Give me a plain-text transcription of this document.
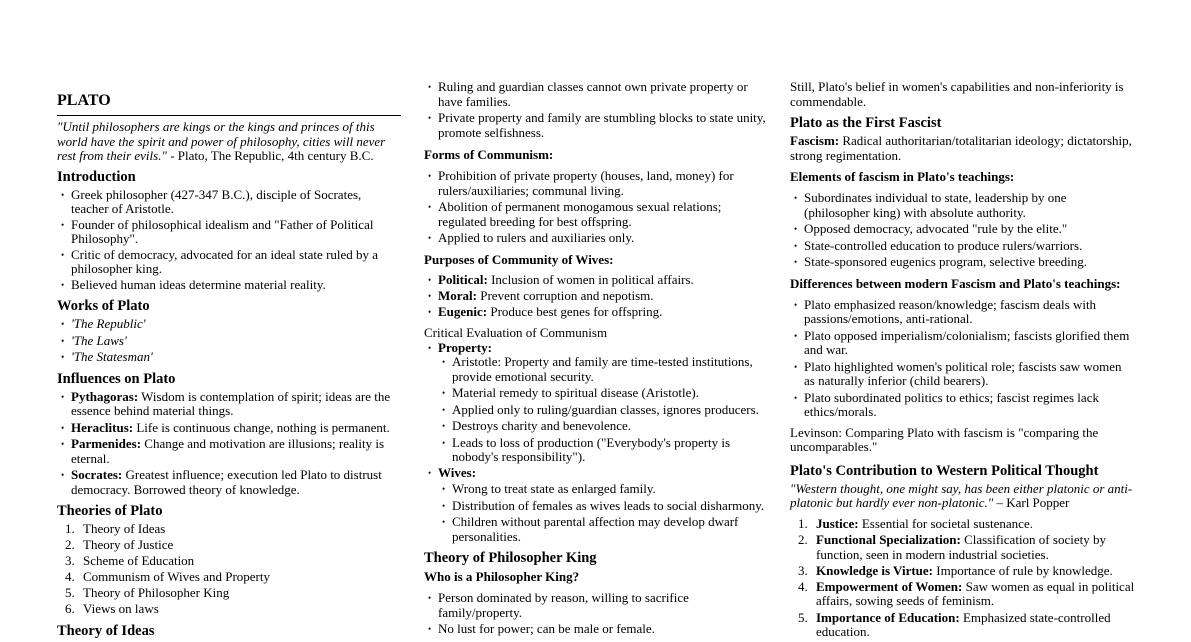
PLATO

"Until philosophers are kings or the kings and princes of this world have the spirit and power of philosophy, cities will never rest from their evils." - Plato, The Republic, 4th century B.C.

Introduction
• Greek philosopher (427-347 B.C.), disciple of Socrates, teacher of Aristotle.
• Founder of philosophical idealism and "Father of Political Philosophy".
• Critic of democracy, advocated for an ideal state ruled by a philosopher king.
• Believed human ideas determine material reality.
Works of Plato
• 'The Republic'
• 'The Laws'
• 'The Statesman'
Influences on Plato
• Pythagoras: Wisdom is contemplation of spirit; ideas are the essence behind material things.
• Heraclitus: Life is continuous change, nothing is permanent.
• Parmenides: Change and motivation are illusions; reality is eternal.
• Socrates: Greatest influence; execution led Plato to distrust democracy. Borrowed theory of knowledge.
Theories of Plato
1. Theory of Ideas
2. Theory of Justice
3. Scheme of Education
4. Communism of Wives and Property
5. Theory of Philosopher King
6. Views on laws
Theory of Ideas
• Ruling and guardian classes cannot own private property or have families.
• Private property and family are stumbling blocks to state unity, promote selfishness.
Forms of Communism:
• Prohibition of private property (houses, land, money) for rulers/auxiliaries; communal living.
• Abolition of permanent monogamous sexual relations; regulated breeding for best offspring.
• Applied to rulers and auxiliaries only.
Purposes of Community of Wives:
• Political: Inclusion of women in political affairs.
• Moral: Prevent corruption and nepotism.
• Eugenic: Produce best genes for offspring.

Critical Evaluation of Communism

• Property:
• Aristotle: Property and family are time-tested institutions, provide emotional security.
• Material remedy to spiritual disease (Aristotle).
• Applied only to ruling/guardian classes, ignores producers.
• Destroys charity and benevolence.
• Leads to loss of production ("Everybody's property is nobody's responsibility").
• Wives:
• Wrong to treat state as enlarged family.
• Distribution of females as wives leads to social disharmony.
• Children without parental affection may develop dwarf personalities.
Theory of Philosopher King
Who is a Philosopher King?
• Person dominated by reason, willing to sacrifice family/property.
• No lust for power; can be male or female.

Still, Plato's belief in women's capabilities and non-inferiority is commendable.

Plato as the First Fascist

Fascism: Radical authoritarian/totalitarian ideology; dictatorship, strong regimentation.

Elements of fascism in Plato's teachings:
• Subordinates individual to state, leadership by one (philosopher king) with absolute authority.
• Opposed democracy, advocated "rule by the elite."
• State-controlled education to produce rulers/warriors.
• State-sponsored eugenics program, selective breeding.
Differences between modern Fascism and Plato's teachings:
• Plato emphasized reason/knowledge; fascism deals with passions/emotions, anti-rational.
• Plato opposed imperialism/colonialism; fascists glorified them and war.
• Plato highlighted women's political role; fascists saw women as naturally inferior (child bearers).
• Plato subordinated politics to ethics; fascist regimes lack ethics/morals.

Levinson: Comparing Plato with fascism is "comparing the uncomparables."

Plato's Contribution to Western Political Thought

"Western thought, one might say, has been either platonic or anti-platonic but hardly ever non-platonic." – Karl Popper

1. Justice: Essential for societal sustenance.
2. Functional Specialization: Classification of society by function, seen in modern industrial societies.
3. Knowledge is Virtue: Importance of rule by knowledge.
4. Empowerment of Women: Saw women as equal in political affairs, sowing seeds of feminism.
5. Importance of Education: Emphasized state-controlled education.
